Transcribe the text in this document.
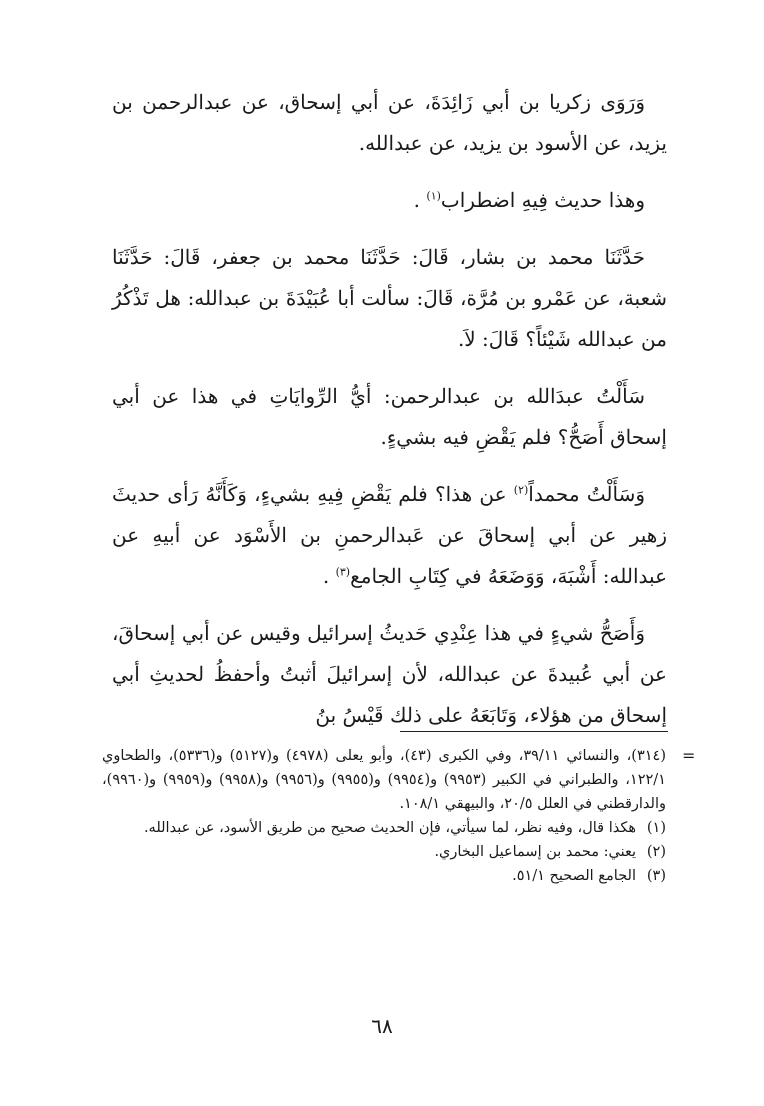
وَرَوَى زكريا بن أبي زَائِدَةَ، عن أبي إسحاق، عن عبدالرحمن بن يزيد، عن الأسود بن يزيد، عن عبدالله.

وهذا حديث فِيهِ اضطراب$^{(١)}$ .

حَدَّثَنَا محمد بن بشار، قَالَ: حَدَّثَنَا محمد بن جعفر، قَالَ: حَدَّثَنَا شعبة، عن عَمْرو بن مُرَّة، قَالَ: سألت أبا عُبَيْدَةَ بن عبدالله: هل تَذْكُرُ من عبدالله شَيْئاً؟ قَالَ: لاَ.

سَأَلْتُ عبدَالله بن عبدالرحمن: أيُّ الرِّوايَاتِ في هذا عن أبي إسحاق أَصَحُّ؟ فلم يَقْضِ فيه بشيءٍ.

وَسَأَلْتُ محمداً$^{(٢)}$ عن هذا؟ فلم يَقْضِ فِيهِ بشيءٍ، وَكَأَنَّهُ رَأى حديثَ زهير عن أبي إسحاقَ عن عَبدالرحمنِ بن الأَسْوَد عن أبيهِ عن عبدالله: أَشْبَهَ، وَوَضَعَهُ في كِتَابِ الجامع$^{(٣)}$ .

وَأَصَحُّ شيءٍ في هذا عِنْدِي حَديثُ إسرائيل وقيس عن أبي إسحاقَ، عن أبي عُبيدةَ عن عبدالله، لأن إسرائيلَ أثبتُ وأحفظُ لحديثِ أبي إسحاق من هؤلاء، وَتَابَعَهُ على ذلك قَيْسُ بنُ

=

(٣١٤)، والنسائي ٣٩/١١، وفي الكبرى (٤٣)، وأبو يعلى (٤٩٧٨) و(٥١٢٧) و(٥٣٣٦)، والطحاوي ١٢٢/١، والطبراني في الكبير (٩٩٥٣) و(٩٩٥٤) و(٩٩٥٥) و(٩٩٥٦) و(٩٩٥٨) و(٩٩٥٩) و(٩٩٦٠)، والدارقطني في العلل ٢٠/٥، والبيهقي ١٠٨/١.

(١)
هكذا قال، وفيه نظر، لما سيأتي، فإن الحديث صحيح من طريق الأسود، عن عبدالله.
(٢)
يعني: محمد بن إسماعيل البخاري.
(٣)
الجامع الصحيح ٥١/١.
٦٨
